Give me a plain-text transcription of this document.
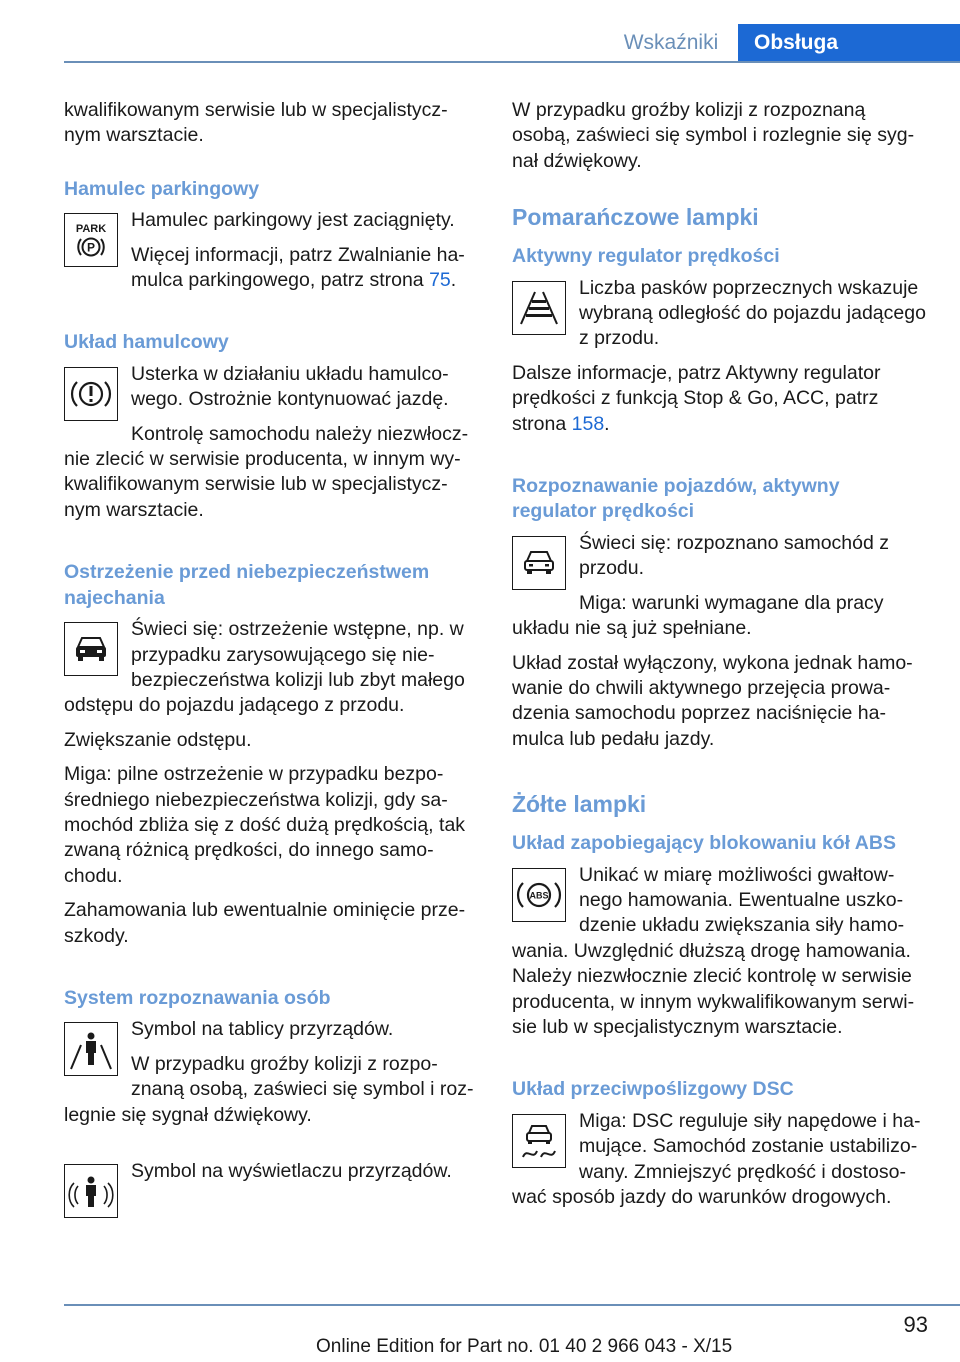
Wskaźniki	Obsługa

kwalifikowanym serwisie lub w specjalistycznym warsztacie.

Hamulec parkingowy
PARK
P

Hamulec parkingowy jest zaciągnięty.

Więcej informacji, patrz Zwalnianie hamulca parkingowego, patrz strona 75.

Układ hamulcowy

Usterka w działaniu układu hamulcowego. Ostrożnie kontynuować jazdę.

Kontrolę samochodu należy niezwłocznie zlecić w serwisie producenta, w innym wykwalifikowanym serwisie lub w specjalistycznym warsztacie.

Ostrzeżenie przed niebezpieczeństwem najechania

Świeci się: ostrzeżenie wstępne, np. w przypadku zarysowującego się niebezpieczeństwa kolizji lub zbyt małego odstępu do pojazdu jadącego z przodu.

Zwiększanie odstępu.

Miga: pilne ostrzeżenie w przypadku bezpośredniego niebezpieczeństwa kolizji, gdy samochód zbliża się z dość dużą prędkością, tak zwaną różnicą prędkości, do innego samochodu.

Zahamowania lub ewentualnie ominięcie przeszkody.

System rozpoznawania osób

Symbol na tablicy przyrządów.

W przypadku groźby kolizji z rozpoznaną osobą, zaświeci się symbol i rozlegnie się sygnał dźwiękowy.

Symbol na wyświetlaczu przyrządów.

W przypadku groźby kolizji z rozpoznaną osobą, zaświeci się symbol i rozlegnie się sygnał dźwiękowy.

Pomarańczowe lampki
Aktywny regulator prędkości

Liczba pasków poprzecznych wskazuje wybraną odległość do pojazdu jadącego z przodu.

Dalsze informacje, patrz Aktywny regulator prędkości z funkcją Stop & Go, ACC, patrz strona 158.

Rozpoznawanie pojazdów, aktywny regulator prędkości

Świeci się: rozpoznano samochód z przodu.

Miga: warunki wymagane dla pracy układu nie są już spełniane.

Układ został wyłączony, wykona jednak hamowanie do chwili aktywnego przejęcia prowadzenia samochodu poprzez naciśnięcie hamulca lub pedału jazdy.

Żółte lampki
Układ zapobiegający blokowaniu kół ABS
ABS

Unikać w miarę możliwości gwałtownego hamowania. Ewentualne uszkodzenie układu zwiększania siły hamowania. Uwzględnić dłuższą drogę hamowania. Należy niezwłocznie zlecić kontrolę w serwisie producenta, w innym wykwalifikowanym serwisie lub w specjalistycznym warsztacie.

Układ przeciwpoślizgowy DSC

Miga: DSC reguluje siły napędowe i hamujące. Samochód zostanie ustabilizowany. Zmniejszyć prędkość i dostosować sposób jazdy do warunków drogowych.

93
Online Edition for Part no. 01 40 2 966 043 - X/15
